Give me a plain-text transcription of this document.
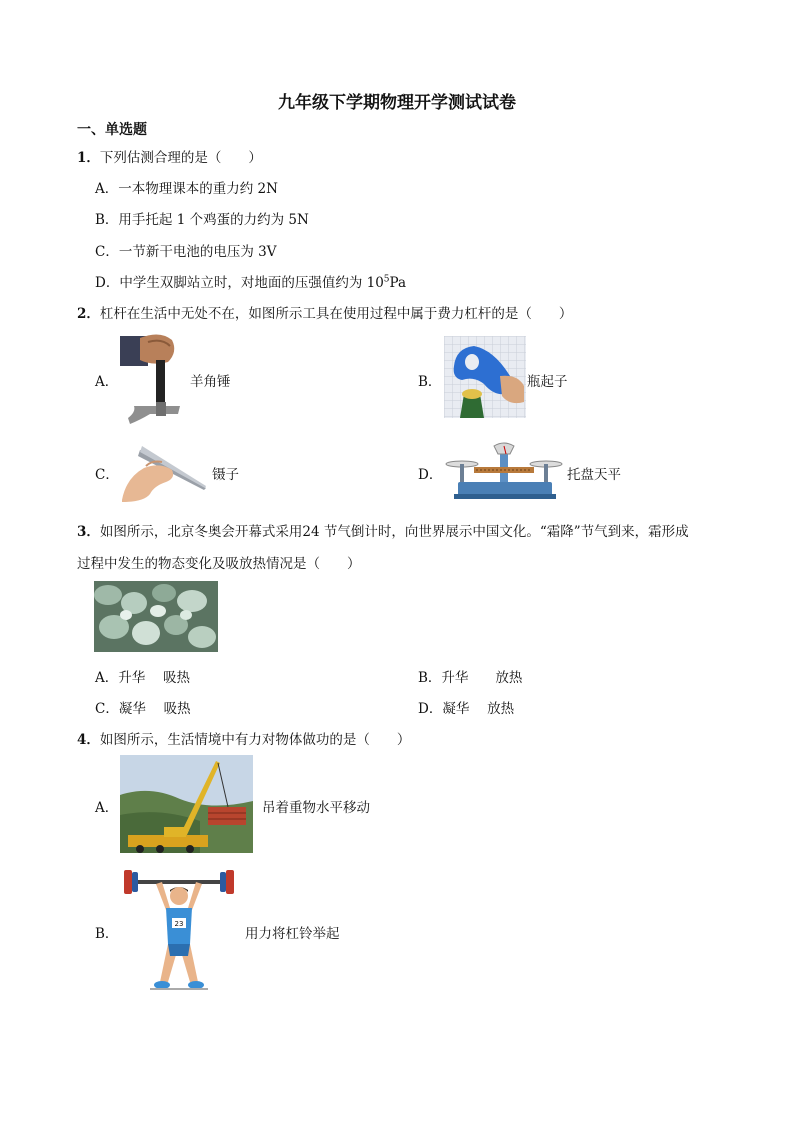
九年级下学期物理开学测试试卷
一、单选题
1．下列估测合理的是（　　）
A．一本物理课本的重力约 2N
B．用手托起 1 个鸡蛋的力约为 5N
C．一节新干电池的电压为 3V
D．中学生双脚站立时，对地面的压强值约为 $10^5Pa$
2．杠杆在生活中无处不在，如图所示工具在使用过程中属于费力杠杆的是（　　）
A．	羊角锤	B．	瓶起子
C．	镊子	D．	托盘天平
3．如图所示，北京冬奥会开幕式采用24 节气倒计时，向世界展示中国文化。“霜降”节气到来，霜形成
过程中发生的物态变化及吸放热情况是（　　）
A．升华　 吸热	B．升华　　放热
C．凝华　 吸热	D．凝华　 放热
4．如图所示，生活情境中有力对物体做功的是（　　）
A．	吊着重物水平移动
B．
23
用力将杠铃举起
